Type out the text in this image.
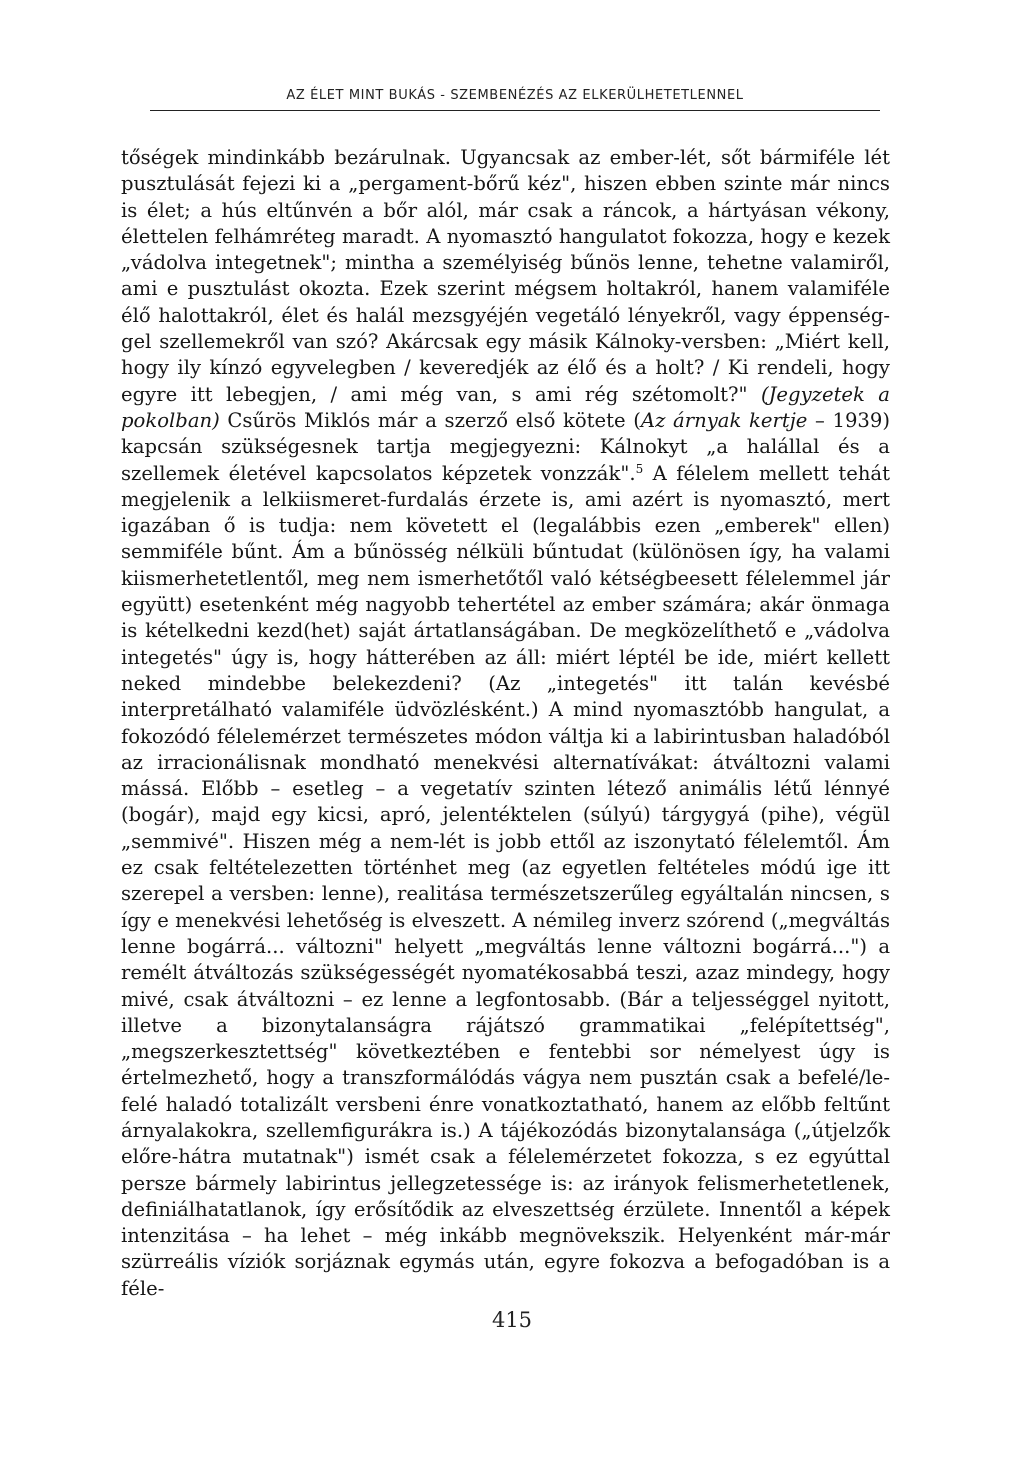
AZ ÉLET MINT BUKÁS - SZEMBENÉZÉS AZ ELKERÜLHETETLENNEL

tőségek mindinkább bezárulnak. Ugyancsak az ember-lét, sőt bármiféle lét pusztulását fejezi ki a „pergament-bőrű kéz", hiszen ebben szinte már nincs is élet; a hús eltűnvén a bőr alól, már csak a ráncok, a hártyásan vékony, élettelen felhámréteg maradt. A nyomasztó hangulatot fokozza, hogy e kezek „vádolva integetnek"; mintha a személyiség bűnös lenne, tehetne valamiről, ami e pusztulást okozta. Ezek szerint mégsem holtakról, hanem valamiféle élő halottakról, élet és halál mezsgyéjén vegetáló lényekről, vagy éppenséggel szellemekről van szó? Akárcsak egy másik Kálnoky-versben: „Miért kell, hogy ily kínzó egyvelegben / keveredjék az élő és a holt? / Ki rendeli, hogy egyre itt lebegjen, / ami még van, s ami rég szétomolt?" (Jegyzetek a pokolban) Csűrös Miklós már a szerző első kötete (Az árnyak kertje – 1939) kapcsán szükségesnek tartja megjegyezni: Kálnokyt „a halállal és a szellemek életével kapcsolatos képzetek vonzzák".$^5$ A félelem mellett tehát megjelenik a lelkiismeret-furdalás érzete is, ami azért is nyomasztó, mert igazában ő is tudja: nem követett el (legalábbis ezen „emberek" ellen) semmiféle bűnt. Ám a bűnösség nélküli bűntudat (különösen így, ha valami kiismerhetetlentől, meg nem ismerhetőtől való kétségbeesett félelemmel jár együtt) esetenként még nagyobb tehertétel az ember számára; akár önmaga is kételkedni kezd(het) saját ártatlanságában. De megközelíthető e „vádolva integetés" úgy is, hogy hátterében az áll: miért léptél be ide, miért kellett neked mindebbe belekezdeni? (Az „integetés" itt talán kevésbé interpretálható valamiféle üdvözlésként.) A mind nyomasztóbb hangulat, a fokozódó félelemérzet természetes módon váltja ki a labirintusban haladóból az irracionálisnak mondható menekvési alternatívákat: átváltozni valami mássá. Előbb – esetleg – a vegetatív szinten létező animális létű lénnyé (bogár), majd egy kicsi, apró, jelentéktelen (súlyú) tárgygyá (pihe), végül „semmivé". Hiszen még a nem-lét is jobb ettől az iszonytató félelemtől. Ám ez csak feltételezetten történhet meg (az egyetlen feltételes módú ige itt szerepel a versben: lenne), realitása természetszerűleg egyáltalán nincsen, s így e menekvési lehetőség is elveszett. A némileg inverz szórend („megváltás lenne bogárrá... változni" helyett „megváltás lenne változni bogárrá...") a remélt átváltozás szükségességét nyomatékosabbá teszi, azaz mindegy, hogy mivé, csak átváltozni – ez lenne a legfontosabb. (Bár a teljességgel nyitott, illetve a bizonytalanságra rájátszó grammatikai „felépítettség", „megszerkesztettség" következtében e fentebbi sor némelyest úgy is értelmezhető, hogy a transzformálódás vágya nem pusztán csak a befelé/lefelé haladó totalizált versbeni énre vonatkoztatható, hanem az előbb feltűnt árnyalakokra, szellemfigurákra is.) A tájékozódás bizonytalansága („útjelzők előre-hátra mutatnak") ismét csak a félelemérzetet fokozza, s ez egyúttal persze bármely labirintus jellegzetessége is: az irányok felismerhetetlenek, definiálhatatlanok, így erősítődik az elveszettség érzülete. Innentől a képek intenzitása – ha lehet – még inkább megnövekszik. Helyenként már-már szürreális víziók sorjáznak egymás után, egyre fokozva a befogadóban is a féle-

415
